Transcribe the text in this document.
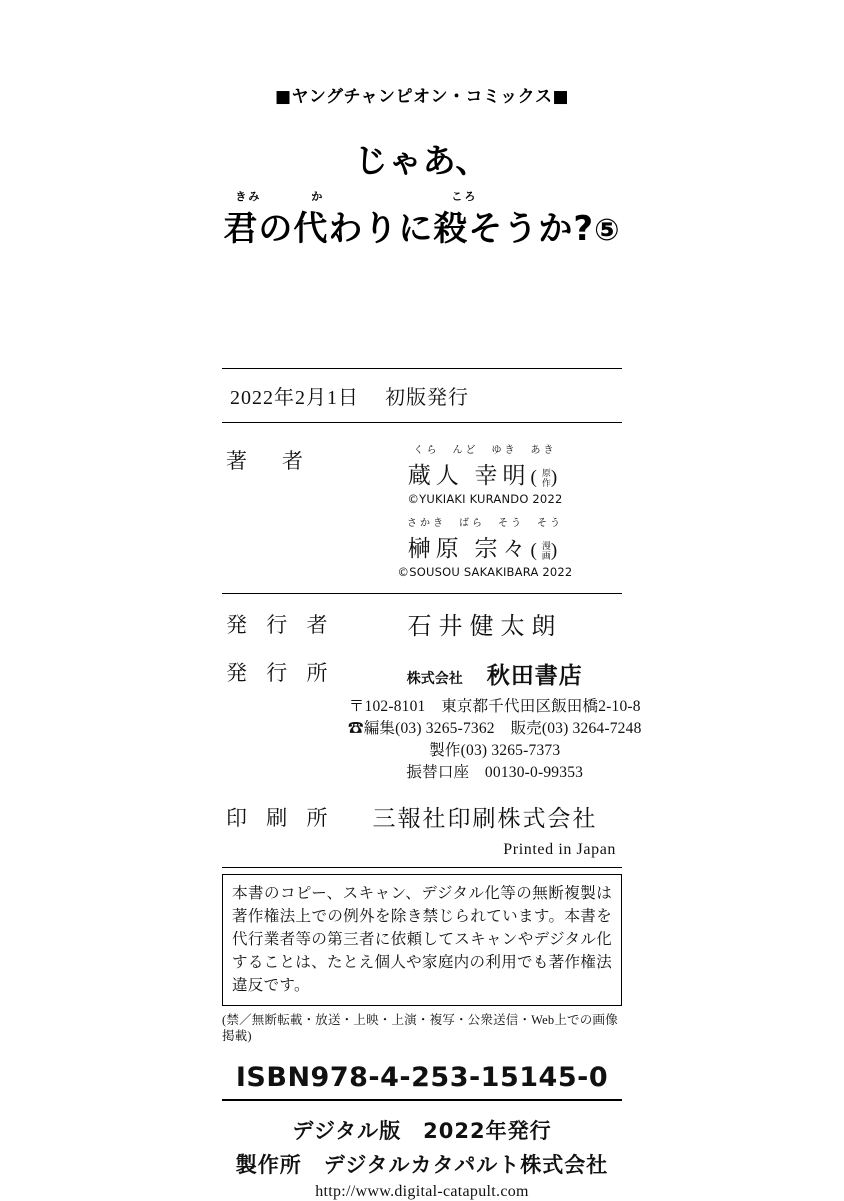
■ヤングチャンピオン・コミックス■
じゃあ、
きみ	か	ころ
君の代わりに殺そうか?⑤
2022年2月1日 初版発行
著　者	くら　んど　ゆき　あき
蔵人 幸明(原
作)
©YUKIAKI KURANDO 2022
さかき　ばら　そう　そう
榊原 宗々(漫
画)
©SOUSOU SAKAKIBARA 2022
発 行 者	石井健太朗
発 行 所	株式会社　 秋田書店
〒102-8101　東京都千代田区飯田橋2-10-8
☎編集(03) 3265-7362　販売(03) 3264-7248
製作(03) 3265-7373
振替口座　00130-0-99353
印 刷 所	三報社印刷株式会社
Printed in Japan
本書のコピー、スキャン、デジタル化等の無断複製は著作権法上での例外を除き禁じられています。本書を代行業者等の第三者に依頼してスキャンやデジタル化することは、たとえ個人や家庭内の利用でも著作権法違反です。
(禁／無断転載・放送・上映・上演・複写・公衆送信・Web上での画像掲載)
ISBN978-4-253-15145-0
デジタル版　2022年発行
製作所　デジタルカタパルト株式会社
http://www.digital-catapult.com
